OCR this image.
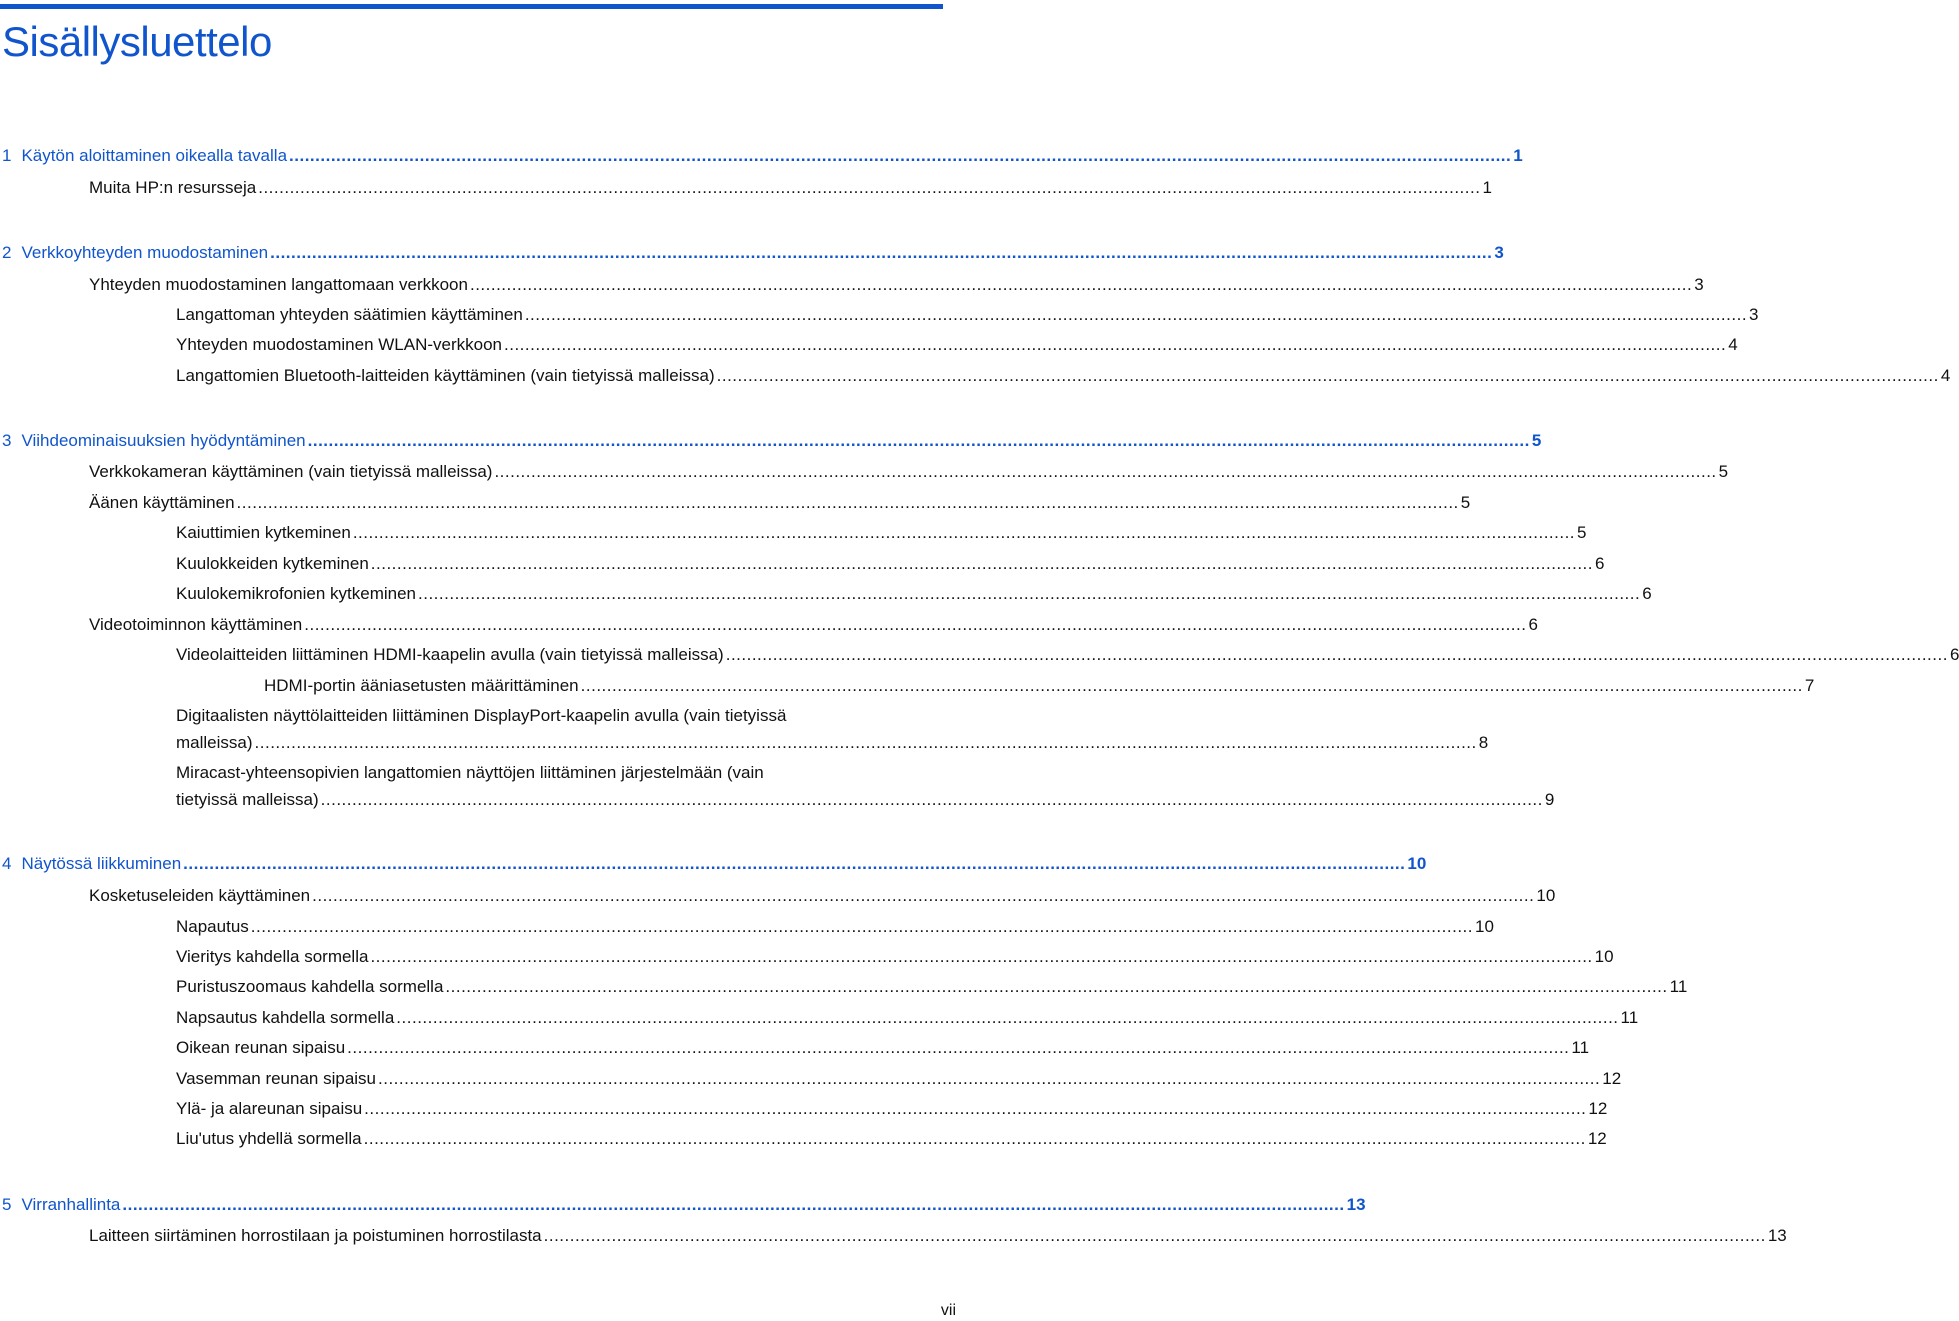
Sisällysluettelo
1 Käytön aloittaminen oikealla tavalla .......................................................................................................................................................................................................................................... 1
Muita HP:n resursseja .......................................................................................................................................................................................................................................... 1
2 Verkkoyhteyden muodostaminen .......................................................................................................................................................................................................................................... 3
Yhteyden muodostaminen langattomaan verkkoon .......................................................................................................................................................................................................................................... 3
Langattoman yhteyden säätimien käyttäminen .......................................................................................................................................................................................................................................... 3
Yhteyden muodostaminen WLAN-verkkoon .......................................................................................................................................................................................................................................... 4
Langattomien Bluetooth-laitteiden käyttäminen (vain tietyissä malleissa) .......................................................................................................................................................................................................................................... 4
3 Viihdeominaisuuksien hyödyntäminen .......................................................................................................................................................................................................................................... 5
Verkkokameran käyttäminen (vain tietyissä malleissa) .......................................................................................................................................................................................................................................... 5
Äänen käyttäminen .......................................................................................................................................................................................................................................... 5
Kaiuttimien kytkeminen .......................................................................................................................................................................................................................................... 5
Kuulokkeiden kytkeminen .......................................................................................................................................................................................................................................... 6
Kuulokemikrofonien kytkeminen .......................................................................................................................................................................................................................................... 6
Videotoiminnon käyttäminen .......................................................................................................................................................................................................................................... 6
Videolaitteiden liittäminen HDMI-kaapelin avulla (vain tietyissä malleissa) .......................................................................................................................................................................................................................................... 6
HDMI-portin ääniasetusten määrittäminen .......................................................................................................................................................................................................................................... 7
Digitaalisten näyttölaitteiden liittäminen DisplayPort-kaapelin avulla (vain tietyissä
malleissa) .......................................................................................................................................................................................................................................... 8
Miracast-yhteensopivien langattomien näyttöjen liittäminen järjestelmään (vain
tietyissä malleissa) .......................................................................................................................................................................................................................................... 9
4 Näytössä liikkuminen .......................................................................................................................................................................................................................................... 10
Kosketuseleiden käyttäminen .......................................................................................................................................................................................................................................... 10
Napautus .......................................................................................................................................................................................................................................... 10
Vieritys kahdella sormella .......................................................................................................................................................................................................................................... 10
Puristuszoomaus kahdella sormella .......................................................................................................................................................................................................................................... 11
Napsautus kahdella sormella .......................................................................................................................................................................................................................................... 11
Oikean reunan sipaisu .......................................................................................................................................................................................................................................... 11
Vasemman reunan sipaisu .......................................................................................................................................................................................................................................... 12
Ylä- ja alareunan sipaisu .......................................................................................................................................................................................................................................... 12
Liu'utus yhdellä sormella .......................................................................................................................................................................................................................................... 12
5 Virranhallinta .......................................................................................................................................................................................................................................... 13
Laitteen siirtäminen horrostilaan ja poistuminen horrostilasta .......................................................................................................................................................................................................................................... 13
vii
